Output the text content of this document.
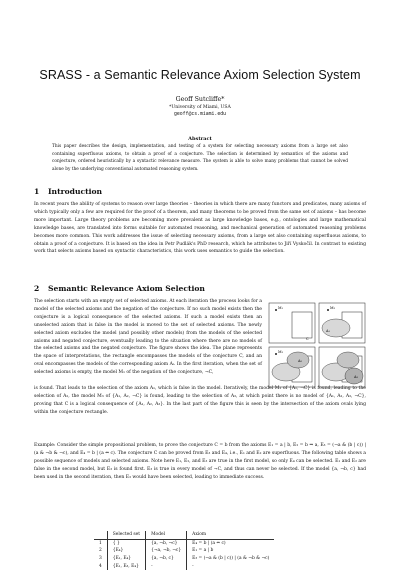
SRASS - a Semantic Relevance Axiom Selection System
Geoff Sutcliffe*
*University of Miami, USA
geoff@cs.miami.edu
Abstract
This paper describes the design, implementation, and testing of a system for selecting necessary axioms from a large set also containing superfluous axioms, to obtain a proof of a conjecture. The selection is determined by semantics of the axioms and conjecture, ordered heuristically by a syntactic relevance measure. The system is able to solve many problems that cannot be solved alone by the underlying conventional automated reasoning system.
1 Introduction
In recent years the ability of systems to reason over large theories – theories in which there are many functors and predicates, many axioms of which typically only a few are required for the proof of a theorem, and many theorems to be proved from the same set of axioms – has become more important. Large theory problems are becoming more prevalent as large knowledge bases, e.g., ontologies and large mathematical knowledge bases, are translated into forms suitable for automated reasoning, and mechanical generation of automated reasoning problems becomes more common. This work addresses the issue of selecting necessary axioms, from a large set also containing superfluous axioms, to obtain a proof of a conjecture. It is based on the idea in Petr Pudlák's PhD research, which he attributes to Jiří Vyskočil. In contrast to existing work that selects axioms based on syntactic characteristics, this work uses semantics to guide the selection.
2 Semantic Relevance Axiom Selection
The selection starts with an empty set of selected axioms. At each iteration the process looks for a model of the selected axioms and the negation of the conjecture. If no such model exists then the conjecture is a logical consequence of the selected axioms. If such a model exists then an unselected axiom that is false in the model is moved to the set of selected axioms. The newly selected axiom excludes the model (and possibly other models) from the models of the selected axioms and negated conjecture, eventually leading to the situation where there are no models of the selected axioms and the negated conjecture. The figure shows the idea. The plane represents the space of interpretations, the rectangle encompasses the models of the conjecture C, and an oval encompasses the models of the corresponding axiom Aᵢ. In the first iteration, when the set of selected axioms is empty, the model M₁ of the negation of the conjecture, ¬C,
is found. That leads to the selection of the axiom A₁, which is false in the model. Iteratively, the model M₂ of {A₁, ¬C} is found, leading to the selection of A₂, the model M₃ of {A₁, A₂, ¬C} is found, leading to the selection of A₃, at which point there is no model of {A₁, A₂, A₃, ¬C}, proving that C is a logical consequence of {A₁, A₂, A₃}. In the last part of the figure this is seen by the intersection of the axiom ovals lying within the conjecture rectangle.
Example: Consider the simple propositional problem, to prove the conjecture C = b from the axioms E₁ = a | b, E₂ = b ⇒ a, E₃ = (¬a & (b | c)) | (a & ¬b & ¬c), and E₄ = b | (a ⇔ c). The conjecture C can be proved from E₃ and E₄, i.e., E₁ and E₂ are superfluous. The following table shows a possible sequence of models and selected axioms. Note here E₁, E₂, and E₃ are true in the first model, so only E₄ can be selected. E₁ and E₂ are false in the second model, but E₃ is found first. E₃ is true in every model of ¬C, and thus can never be selected. If the model {a, ¬b, c} had been used in the second iteration, then E₃ would have been selected, leading to immediate success.
M₁
C
M₂
A₁
M₃
A₂
A₃
	Selected set	Model	Axiom
1	{ }	{a, ¬b, ¬c}	E₄ = b | (a ⇔ c)
2	{E₄}	{¬a, ¬b, ¬c}	E₁ = a | b
3	{E₁, E₄}	{a, ¬b, c}	E₃ = (¬a & (b | c)) | (a & ¬b & ¬c)
4	{E₁, E₃, E₄}	-	-
